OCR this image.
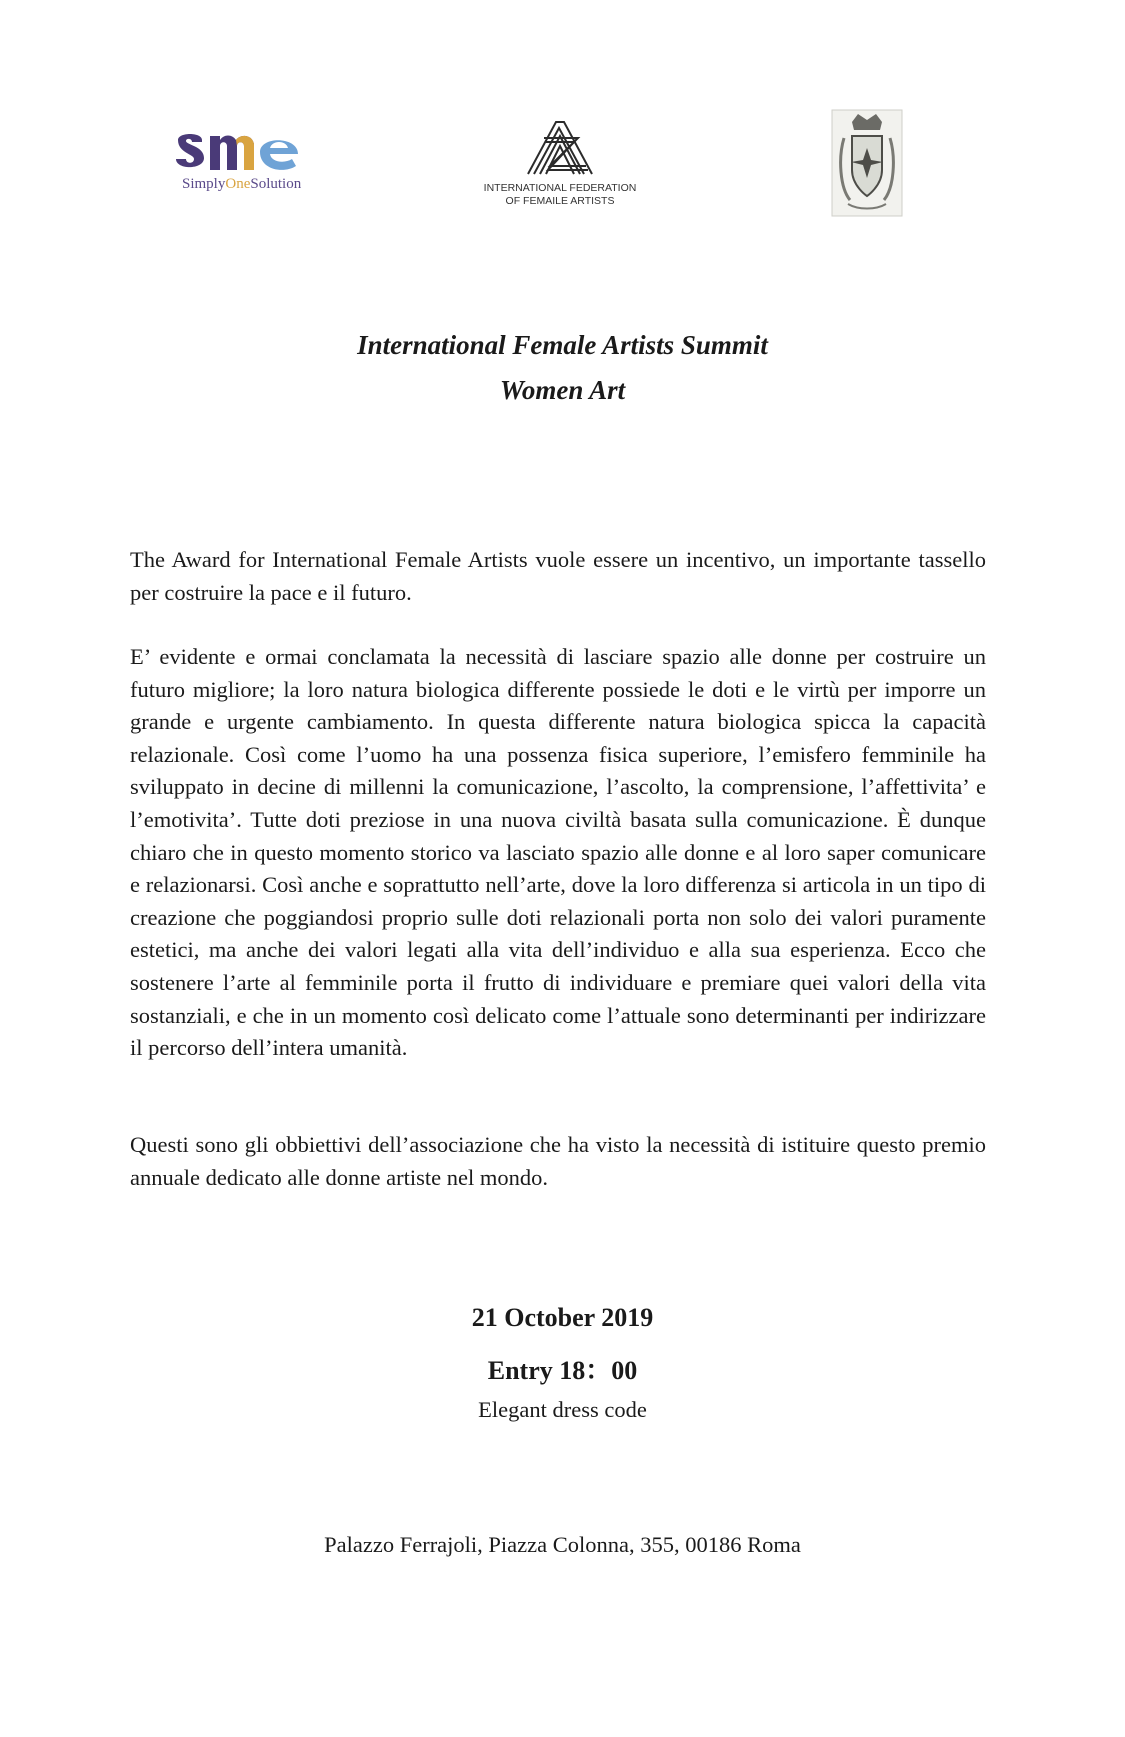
SimplyOneSolution	INTERNATIONAL FEDERATION
OF FEMAILE ARTISTS
International Female Artists Summit
Women Art
The Award for International Female Artists vuole essere un incentivo, un importante tassello per costruire la pace e il futuro.
E’ evidente e ormai conclamata la necessità di lasciare spazio alle donne per costruire un futuro migliore; la loro natura biologica differente possiede le doti e le virtù per imporre un grande e urgente cambiamento. In questa differente natura biologica spicca la capacità relazionale. Così come l’uomo ha una possenza fisica superiore, l’emisfero femminile ha sviluppato in decine di millenni la comunicazione, l’ascolto, la comprensione, l’affettivita’ e l’emotivita’. Tutte doti preziose in una nuova civiltà basata sulla comunicazione. È dunque chiaro che in questo momento storico va lasciato spazio alle donne e al loro saper comunicare e relazionarsi. Così anche e soprattutto nell’arte, dove la loro differenza si articola in un tipo di creazione che poggiandosi proprio sulle doti relazionali porta non solo dei valori puramente estetici, ma anche dei valori legati alla vita dell’individuo e alla sua esperienza. Ecco che sostenere l’arte al femminile porta il frutto di individuare e premiare quei valori della vita sostanziali, e che in un momento così delicato come l’attuale sono determinanti per indirizzare il percorso dell’intera umanità.
Questi sono gli obbiettivi dell’associazione che ha visto la necessità di istituire questo premio annuale dedicato alle donne artiste nel mondo.
21 October 2019
Entry 18：00
Elegant dress code
Palazzo Ferrajoli, Piazza Colonna, 355, 00186 Roma
